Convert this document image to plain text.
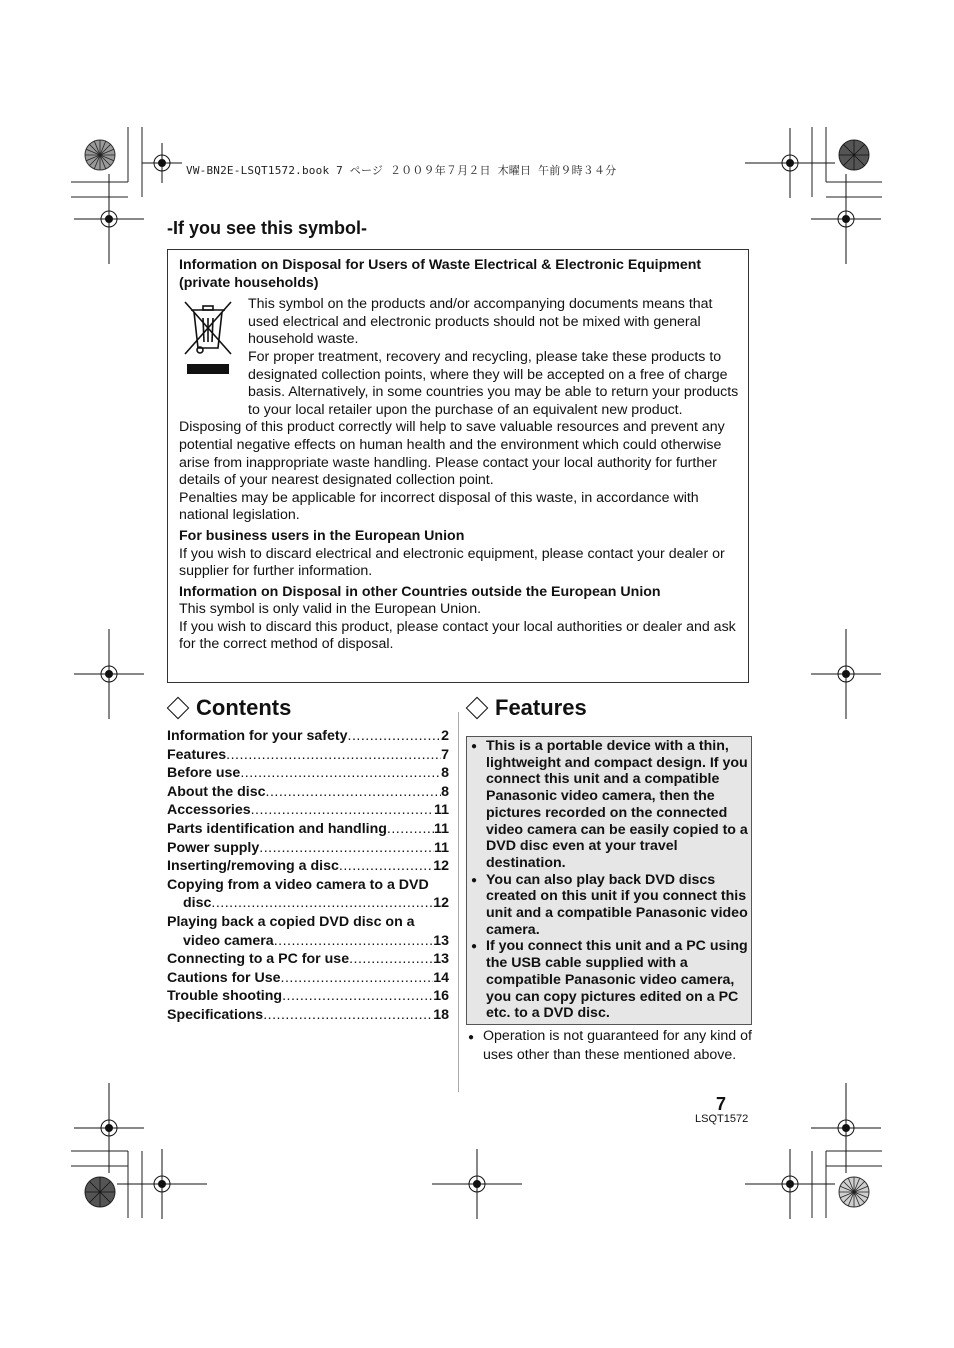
VW-BN2E-LSQT1572.book 7 ページ ２００９年７月２日 木曜日 午前９時３４分
-If you see this symbol-
Information on Disposal for Users of Waste Electrical & Electronic Equipment (private households)
This symbol on the products and/or accompanying documents means that used electrical and electronic products should not be mixed with general household waste.
For proper treatment, recovery and recycling, please take these products to designated collection points, where they will be accepted on a free of charge basis. Alternatively, in some countries you may be able to return your products to your local retailer upon the purchase of an equivalent new product.
Disposing of this product correctly will help to save valuable resources and prevent any potential negative effects on human health and the environment which could otherwise arise from inappropriate waste handling. Please contact your local authority for further details of your nearest designated collection point.
Penalties may be applicable for incorrect disposal of this waste, in accordance with national legislation.
For business users in the European Union
If you wish to discard electrical and electronic equipment, please contact your dealer or supplier for further information.
Information on Disposal in other Countries outside the European Union
This symbol is only valid in the European Union.
If you wish to discard this product, please contact your local authorities or dealer and ask for the correct method of disposal.
Contents
Information for your safety .....	2
Features .....	7
Before use .....	8
About the disc .....	8
Accessories .....	11
Parts identification and handling .....	11
Power supply .....	11
Inserting/removing a disc .....	12
Copying from a video camera to a DVD
disc .....	12
Playing back a copied DVD disc on a
video camera .....	13
Connecting to a PC for use .....	13
Cautions for Use .....	14
Trouble shooting .....	16
Specifications .....	18
Features
● This is a portable device with a thin, lightweight and compact design. If you connect this unit and a compatible Panasonic video camera, then the pictures recorded on the connected video camera can be easily copied to a DVD disc even at your travel destination.
● You can also play back DVD discs created on this unit if you connect this unit and a compatible Panasonic video camera.
● If you connect this unit and a PC using the USB cable supplied with a compatible Panasonic video camera, you can copy pictures edited on a PC etc. to a DVD disc.
● Operation is not guaranteed for any kind of uses other than these mentioned above.
7
LSQT1572
